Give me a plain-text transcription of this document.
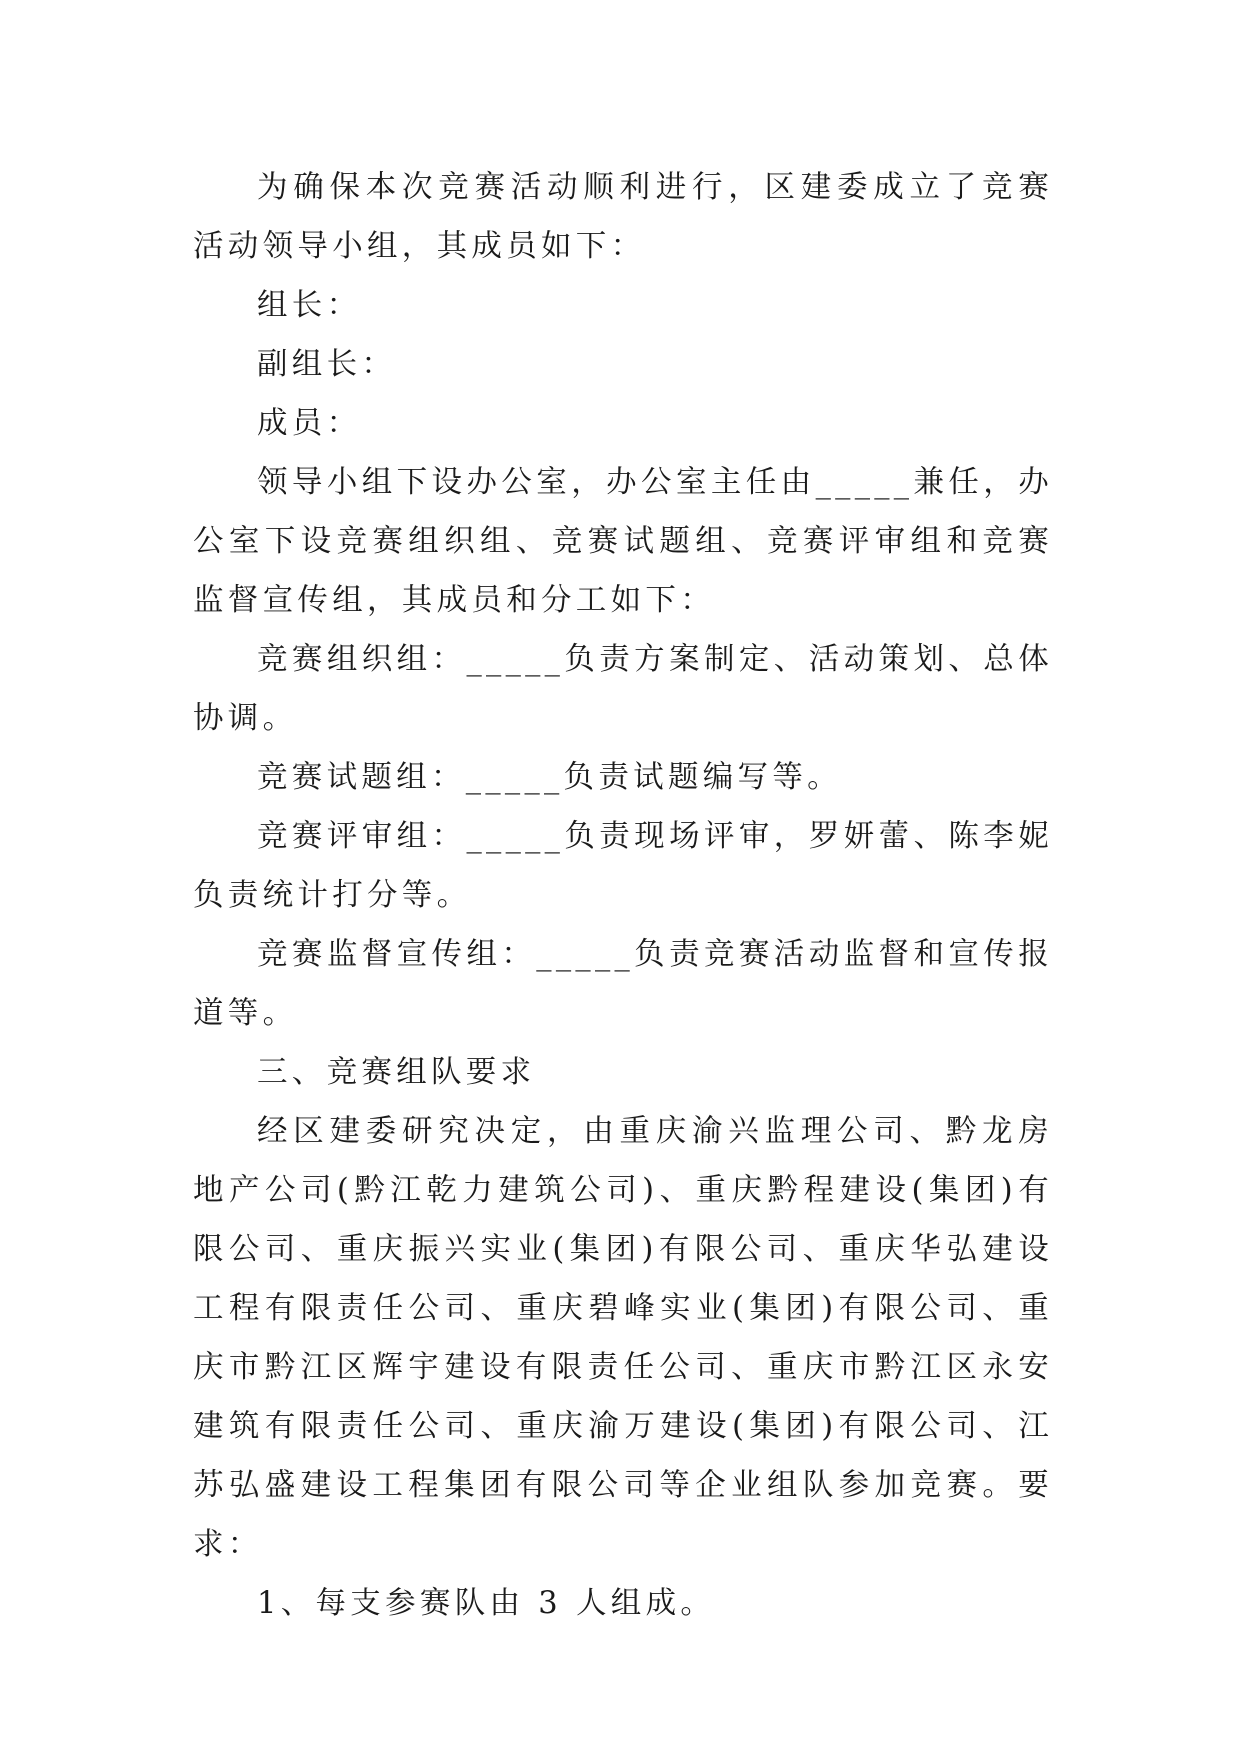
为确保本次竞赛活动顺利进行，区建委成立了竞赛活动领导小组，其成员如下：

组长：

副组长：

成员：

领导小组下设办公室，办公室主任由_____兼任，办公室下设竞赛组织组、竞赛试题组、竞赛评审组和竞赛监督宣传组，其成员和分工如下：

竞赛组织组：_____负责方案制定、活动策划、总体协调。

竞赛试题组：_____负责试题编写等。

竞赛评审组：_____负责现场评审，罗妍蕾、陈李妮负责统计打分等。

竞赛监督宣传组：_____负责竞赛活动监督和宣传报道等。

三、竞赛组队要求

经区建委研究决定，由重庆渝兴监理公司、黔龙房地产公司(黔江乾力建筑公司)、重庆黔程建设(集团)有限公司、重庆振兴实业(集团)有限公司、重庆华弘建设工程有限责任公司、重庆碧峰实业(集团)有限公司、重庆市黔江区辉宇建设有限责任公司、重庆市黔江区永安建筑有限责任公司、重庆渝万建设(集团)有限公司、江苏弘盛建设工程集团有限公司等企业组队参加竞赛。要求：

1、每支参赛队由 3 人组成。
